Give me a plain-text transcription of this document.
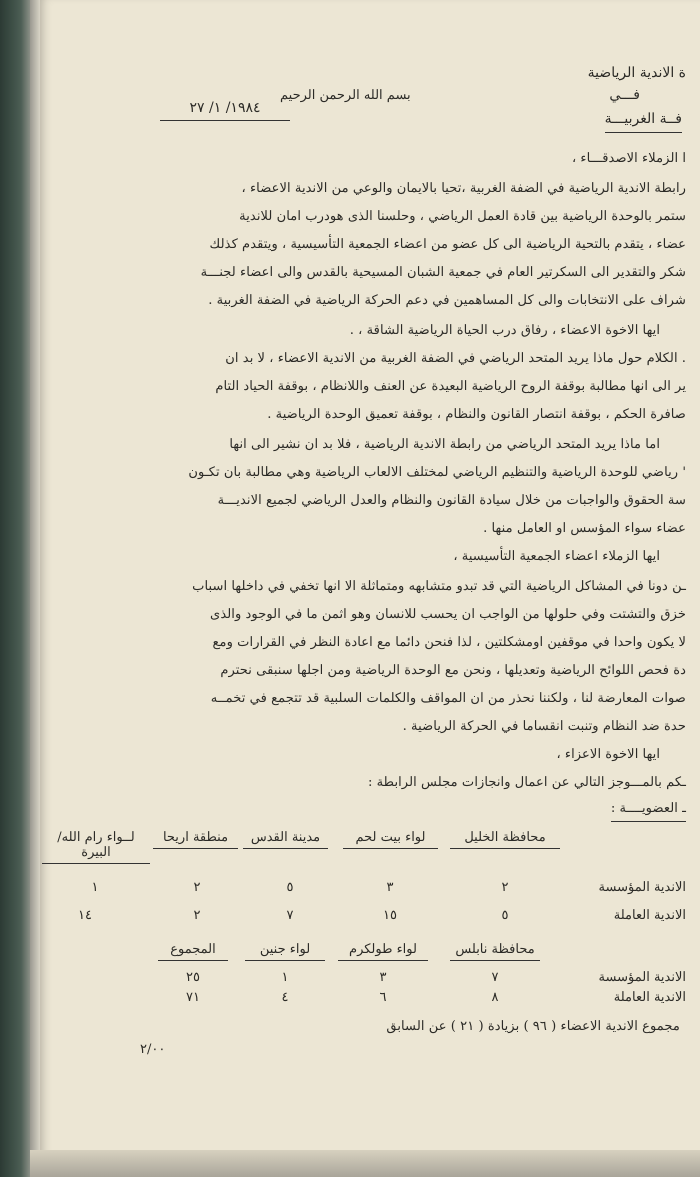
ة الاندية الرياضية
فـــي
فــة الغربيـــة
بسم الله الرحمن الرحيم
١٩٨٤/ ١/ ٢٧
ا الزملاء الاصدقـــاء ،
رابطة الاندية الرياضية في الضفة الغربية ،تحيا بالايمان والوعي من الاندية الاعضاء ،
ستمر بالوحدة الرياضية بين قادة العمل الرياضي ، وحلسنا الذى هودرب امان للاندية
عضاء ، يتقدم بالتحية الرياضية الى كل عضو من اعضاء الجمعية التأسيسية ، ويتقدم كذلك
شكر والتقدير الى السكرتير العام في جمعية الشبان المسيحية بالقدس والى اعضاء لجنـــة
شراف على الانتخابات والى كل المساهمين في دعم الحركة الرياضية في الضفة الغربية .
ايها الاخوة الاعضاء ، رفاق درب الحياة الرياضية الشاقة ، .
. الكلام حول ماذا يريد المتحد الرياضي في الضفة الغربية من الاندية الاعضاء ، لا بد ان
ير الى انها مطالبة بوقفة الروح الرياضية البعيدة عن العنف واللانظام ، بوقفة الحياد التام
صافرة الحكم ، بوقفة انتصار القانون والنظام ، بوقفة تعميق الوحدة الرياضية .
اما ماذا يريد المتحد الرياضي من رابطة الاندية الرياضية ، فلا بد ان نشير الى انها
' رياضي للوحدة الرياضية والتنظيم الرياضي لمختلف الالعاب الرياضية وهي مطالبة بان تكـون
سة الحقوق والواجبات من خلال سيادة القانون والنظام والعدل الرياضي لجميع الانديـــة
عضاء سواء المؤسس او العامل منها .
ايها الزملاء اعضاء الجمعية التأسيسية ،
ـن دونا في المشاكل الرياضية التي قد تبدو متشابهه ومتماثلة الا انها تخفي في داخلها اسباب
خزق والتشتت وفي حلولها من الواجب ان يحسب للانسان وهو اثمن ما في الوجود والذى
لا يكون واحدا في موقفين اومشكلتين ، لذا فنحن دائما مع اعادة النظر في القرارات ومع
دة فحص اللوائح الرياضية وتعديلها ، ونحن مع الوحدة الرياضية ومن اجلها سنبقى نحترم
صوات المعارضة لنا ، ولكننا نحذر من ان المواقف والكلمات السلبية قد تتجمع في تخمــه
حدة ضد النظام وتنبت انقساما في الحركة الرياضية .
ايها الاخوة الاعزاء ،
ـكم بالمـــوجز التالي عن اعمال وانجازات مجلس الرابطة :
ـ العضويــــة :
محافظة الخليل
لواء بيت لحم
مدينة القدس
منطقة اريحا
لــواء رام الله/ البيرة
الاندية المؤسسة
٢
٣
٥
٢
١
الاندية العاملة
٥
١٥
٧
٢
١٤
محافظة نابلس
لواء طولكرم
لواء جنين
المجموع
الاندية المؤسسة
٧
٣
١
٢٥
الاندية العاملة
٨
٦
٤
٧١
مجموع الاندية الاعضاء ( ٩٦ ) بزيادة ( ٢١ ) عن السابق
٢/٠٠
